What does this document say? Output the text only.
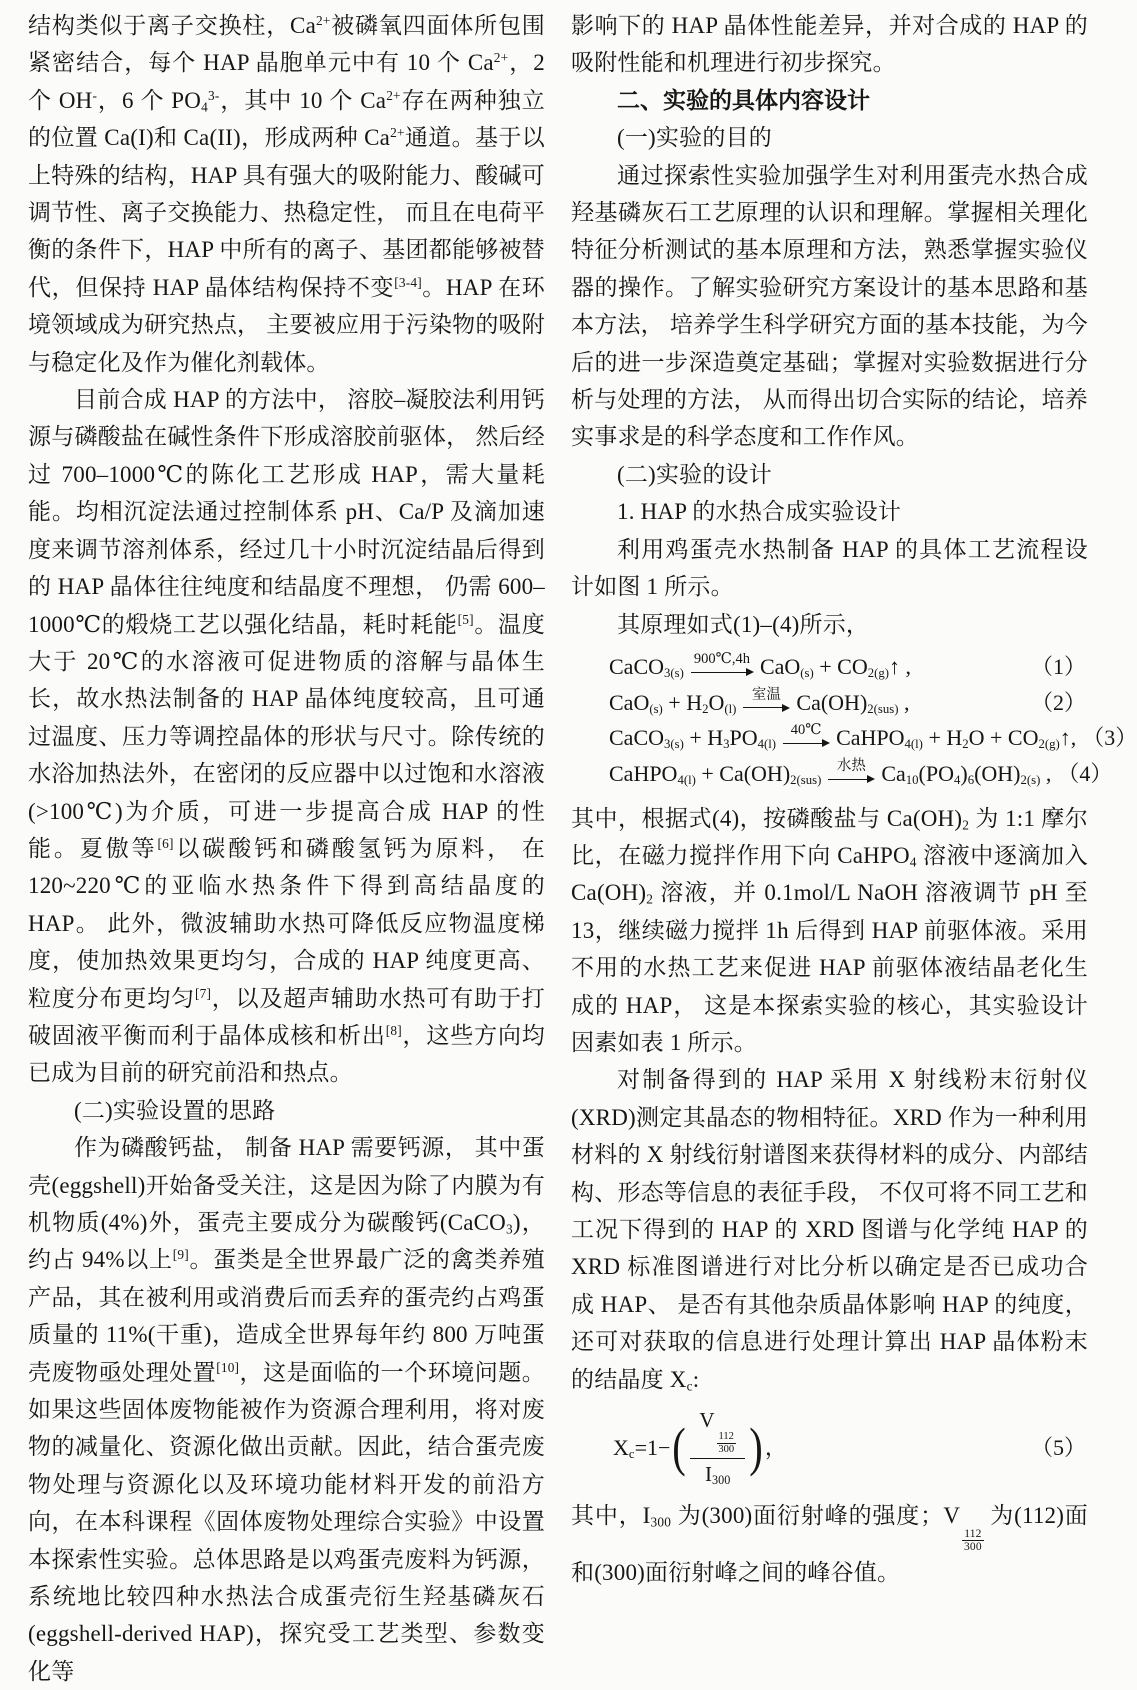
结构类似于离子交换柱，$Ca^{2+}$被磷氧四面体所包围紧密结合，每个 HAP 晶胞单元中有 10 个 $Ca^{2+}$，2 个 OH-，6 个 $PO_4^{3-}$，其中 10 个 $Ca^{2+}$存在两种独立的位置 Ca(I)和 Ca(II)，形成两种 $Ca^{2+}$通道。基于以上特殊的结构，HAP 具有强大的吸附能力、酸碱可调节性、离子交换能力、热稳定性， 而且在电荷平衡的条件下，HAP 中所有的离子、基团都能够被替代，但保持 HAP 晶体结构保持不变[3-4]。HAP 在环境领域成为研究热点， 主要被应用于污染物的吸附与稳定化及作为催化剂载体。

目前合成 HAP 的方法中， 溶胶–凝胶法利用钙源与磷酸盐在碱性条件下形成溶胶前驱体， 然后经过 700–1000℃的陈化工艺形成 HAP，需大量耗能。均相沉淀法通过控制体系 pH、Ca/P 及滴加速度来调节溶剂体系，经过几十小时沉淀结晶后得到的 HAP 晶体往往纯度和结晶度不理想， 仍需 600–1000℃的煅烧工艺以强化结晶，耗时耗能[5]。温度大于 20℃的水溶液可促进物质的溶解与晶体生长，故水热法制备的 HAP 晶体纯度较高，且可通过温度、压力等调控晶体的形状与尺寸。除传统的水浴加热法外，在密闭的反应器中以过饱和水溶液(>100℃)为介质，可进一步提高合成 HAP 的性能。夏傲等[6]以碳酸钙和磷酸氢钙为原料， 在 120~220℃的亚临水热条件下得到高结晶度的 HAP。 此外，微波辅助水热可降低反应物温度梯度，使加热效果更均匀，合成的 HAP 纯度更高、粒度分布更均匀[7]，以及超声辅助水热可有助于打破固液平衡而利于晶体成核和析出[8]，这些方向均已成为目前的研究前沿和热点。

(二)实验设置的思路

作为磷酸钙盐， 制备 HAP 需要钙源， 其中蛋壳(eggshell)开始备受关注，这是因为除了内膜为有机物质(4%)外，蛋壳主要成分为碳酸钙(CaCO$_3$)，约占 94%以上[9]。蛋类是全世界最广泛的禽类养殖产品，其在被利用或消费后而丢弃的蛋壳约占鸡蛋质量的 11%(干重)，造成全世界每年约 800 万吨蛋壳废物亟处理处置[10]，这是面临的一个环境问题。如果这些固体废物能被作为资源合理利用，将对废物的减量化、资源化做出贡献。因此，结合蛋壳废物处理与资源化以及环境功能材料开发的前沿方向，在本科课程《固体废物处理综合实验》中设置本探索性实验。总体思路是以鸡蛋壳废料为钙源，系统地比较四种水热法合成蛋壳衍生羟基磷灰石(eggshell-derived HAP)，探究受工艺类型、参数变化等

影响下的 HAP 晶体性能差异，并对合成的 HAP 的吸附性能和机理进行初步探究。

二、实验的具体内容设计

(一)实验的目的

通过探索性实验加强学生对利用蛋壳水热合成羟基磷灰石工艺原理的认识和理解。掌握相关理化特征分析测试的基本原理和方法，熟悉掌握实验仪器的操作。了解实验研究方案设计的基本思路和基本方法， 培养学生科学研究方面的基本技能，为今后的进一步深造奠定基础；掌握对实验数据进行分析与处理的方法， 从而得出切合实际的结论，培养实事求是的科学态度和工作作风。

(二)实验的设计

1. HAP 的水热合成实验设计

利用鸡蛋壳水热制备 HAP 的具体工艺流程设计如图 1 所示。

其原理如式(1)–(4)所示，

CaCO$_{3(s)}$
900℃,4h $CaO_{(s)} + CO_{2(g)}↑$ ,	（1）
$CaO_{(s)} + H_2O_{(l)}$
室温 $Ca(OH)_{2(sus)}$ ,	（2）
CaCO$_{3(s)}$ + $H_3PO_{4(l)}$
40℃ CaHPO$_{4(l)}$ + $H_2O$ + $CO_{2(g)}↑$, （3）
CaHPO$_{4(l)}$ + $Ca(OH)_{2(sus)}$
水热 $Ca_{10}(PO_4)_6(OH)_{2(s)}$ , （4）

其中，根据式(4)，按磷酸盐与 $Ca(OH)_2$ 为 1:1 摩尔比，在磁力搅拌作用下向 CaHPO$_4$ 溶液中逐滴加入 $Ca(OH)_2$ 溶液，并 0.1mol/L NaOH 溶液调节 pH 至 13，继续磁力搅拌 1h 后得到 HAP 前驱体液。采用不用的水热工艺来促进 HAP 前驱体液结晶老化生成的 HAP， 这是本探索实验的核心，其实验设计因素如表 1 所示。

对制备得到的 HAP 采用 X 射线粉末衍射仪(XRD)测定其晶态的物相特征。XRD 作为一种利用材料的 X 射线衍射谱图来获得材料的成分、内部结构、形态等信息的表征手段， 不仅可将不同工艺和工况下得到的 HAP 的 XRD 图谱与化学纯 HAP 的 XRD 标准图谱进行对比分析以确定是否已成功合成 HAP、 是否有其他杂质晶体影响 HAP 的纯度， 还可对获取的信息进行处理计算出 HAP 晶体粉末的结晶度 $X_c$:

$X_c=1-$ ( V
$\frac{112}{300}$
$I_{300}$ ) ，	（5）

其中，$I_{300}$ 为(300)面衍射峰的强度；V
$\frac{112}{300}$
为(112)面和(300)面衍射峰之间的峰谷值。
